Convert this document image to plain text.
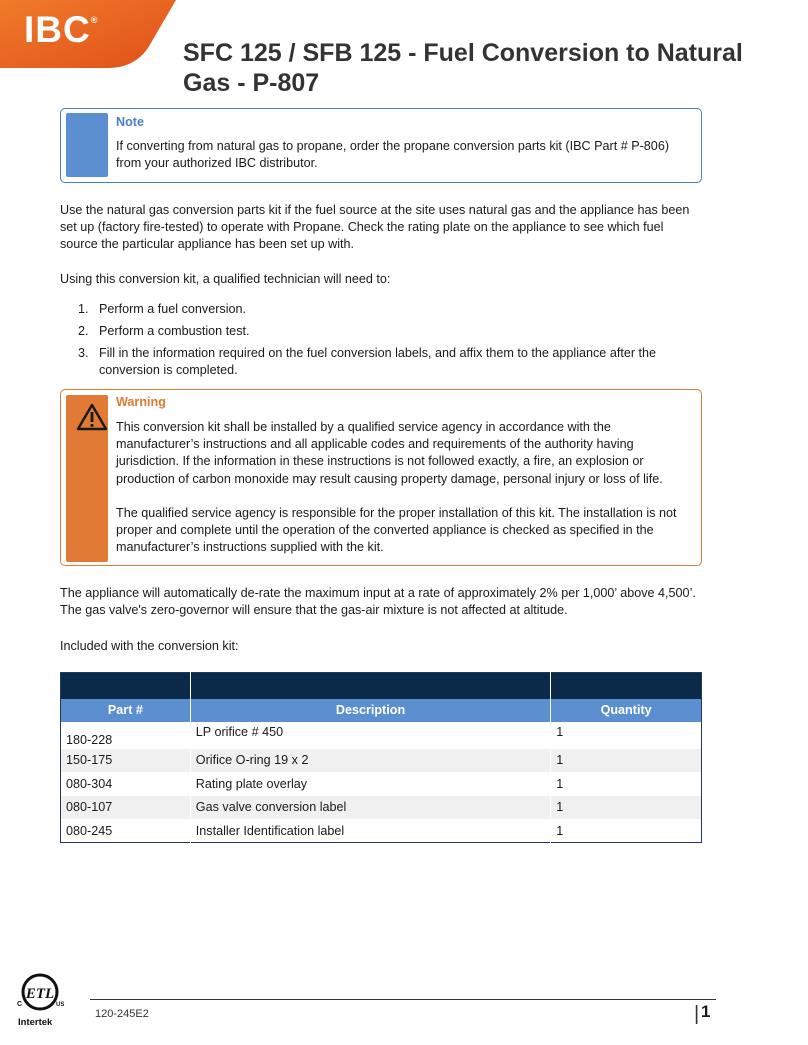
IBC®
SFC 125 / SFB 125 - Fuel Conversion to Natural Gas - P-807
Note
If converting from natural gas to propane, order the propane conversion parts kit (IBC Part # P-806) from your authorized IBC distributor.

Use the natural gas conversion parts kit if the fuel source at the site uses natural gas and the appliance has been set up (factory fire-tested) to operate with Propane. Check the rating plate on the appliance to see which fuel source the particular appliance has been set up with.

Using this conversion kit, a qualified technician will need to:

1. Perform a fuel conversion.
2. Perform a combustion test.
3. Fill in the information required on the fuel conversion labels, and affix them to the appliance after the conversion is completed.
Warning

This conversion kit shall be installed by a qualified service agency in accordance with the manufacturer’s instructions and all applicable codes and requirements of the authority having jurisdiction. If the information in these instructions is not followed exactly, a fire, an explosion or production of carbon monoxide may result causing property damage, personal injury or loss of life.

The qualified service agency is responsible for the proper installation of this kit. The installation is not proper and complete until the operation of the converted appliance is checked as specified in the manufacturer’s instructions supplied with the kit.

The appliance will automatically de-rate the maximum input at a rate of approximately 2% per 1,000’ above 4,500’. The gas valve's zero-governor will ensure that the gas-air mixture is not affected at altitude.

Included with the conversion kit:

Part #	Description	Quantity
180-228	LP orifice # 450	1
150-175	Orifice O-ring 19 x 2	1
080-304	Rating plate overlay	1
080-107	Gas valve conversion label	1
080-245	Installer Identification label	1
ETL
C	US
Intertek
120-245E2	| 1
